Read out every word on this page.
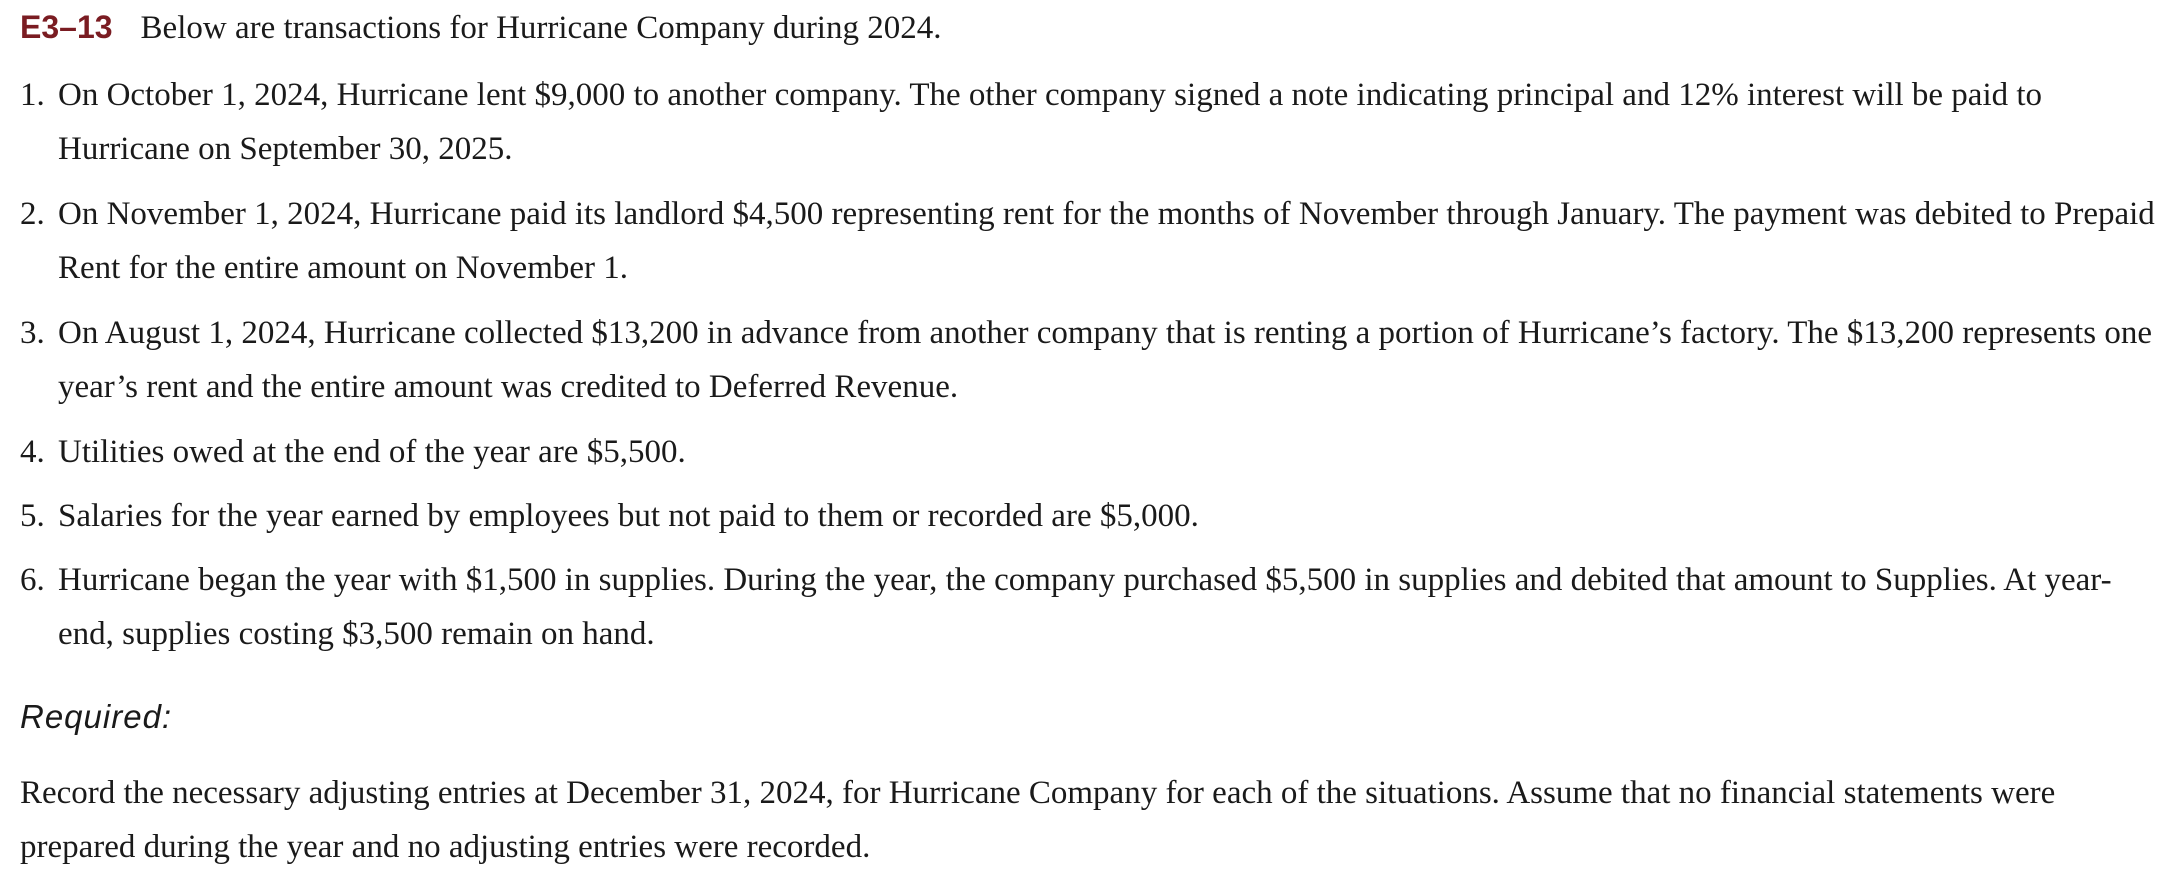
E3–13 Below are transactions for Hurricane Company during 2024.
1. On October 1, 2024, Hurricane lent $9,000 to another company. The other company signed a note indicating principal and 12% interest will be paid to Hurricane on September 30, 2025.
2. On November 1, 2024, Hurricane paid its landlord $4,500 representing rent for the months of November through January. The payment was debited to Prepaid Rent for the entire amount on November 1.
3. On August 1, 2024, Hurricane collected $13,200 in advance from another company that is renting a portion of Hurricane’s factory. The $13,200 represents one year’s rent and the entire amount was credited to Deferred Revenue.
4. Utilities owed at the end of the year are $5,500.
5. Salaries for the year earned by employees but not paid to them or recorded are $5,000.
6. Hurricane began the year with $1,500 in supplies. During the year, the company purchased $5,500 in supplies and debited that amount to Supplies. At year-end, supplies costing $3,500 remain on hand.
Required:
Record the necessary adjusting entries at December 31, 2024, for Hurricane Company for each of the situations. Assume that no financial statements were prepared during the year and no adjusting entries were recorded.
